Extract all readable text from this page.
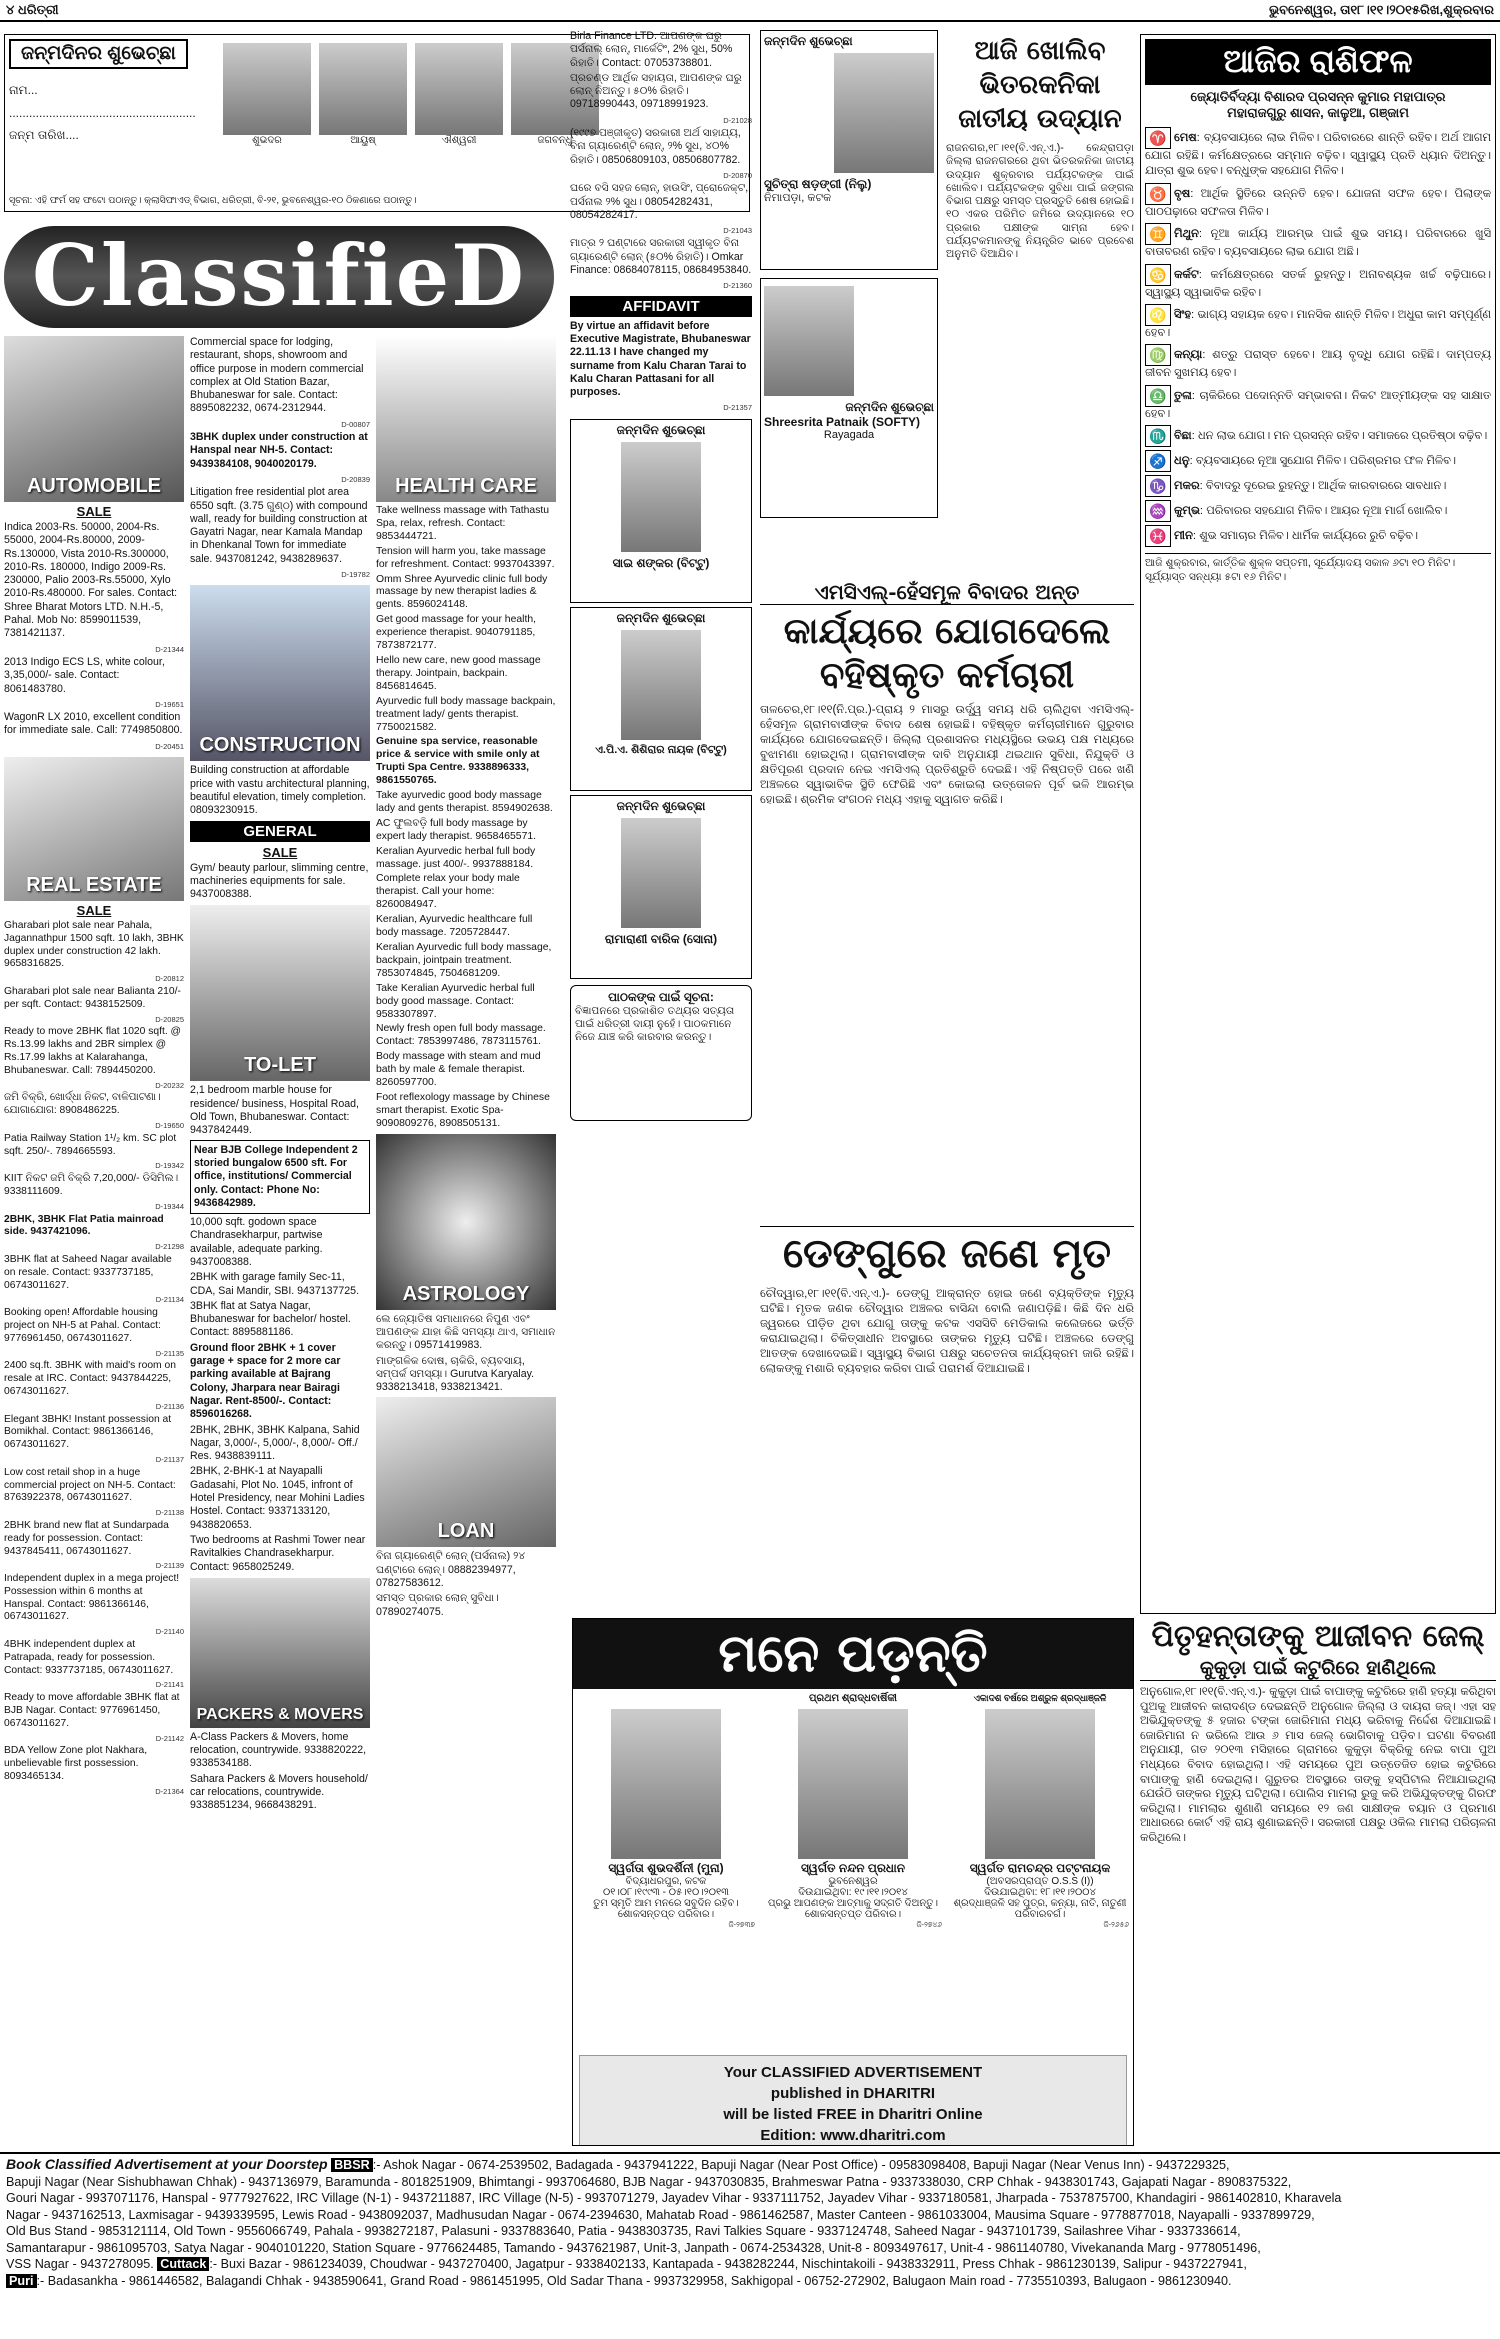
୪ ଧରିତ୍ରୀ	ଭୁବନେଶ୍ୱର, ତା୧୮।୧୧।୨୦୧୫ରିଖ,ଶୁକ୍ରବାର
ଜନ୍ମଦିନର ଶୁଭେଚ୍ଛା
ନାମ...
........................................................
ଜନ୍ମ ତାରିଖ....	ଶୁଭଦର	ଆୟୁଷ୍	ଐଶ୍ୱରୀ	ଜଗବନ୍ଧୁ
ସୂଚନା: ଏହି ଫର୍ମ ସହ ଫଟୋ ପଠାନ୍ତୁ। କ୍ଲାସିଫାଏଡ୍ ବିଭାଗ, ଧରିତ୍ରୀ, ବି-୨୧, ଭୁବନେଶ୍ୱର-୧୦ ଠିକଣାରେ ପଠାନ୍ତୁ।
ClassifieD
AUTOMOBILE
SALE

Indica 2003-Rs. 50000, 2004-Rs. 55000, 2004-Rs.80000, 2009-Rs.130000, Vista 2010-Rs.300000, 2010-Rs. 180000, Indigo 2009-Rs. 230000, Palio 2003-Rs.55000, Xylo 2010-Rs.480000. For sales. Contact: Shree Bharat Motors LTD. N.H.-5, Pahal. Mob No: 8599011539, 7381421137.

D-21344

2013 Indigo ECS LS, white colour, 3,35,000/- sale. Contact: 8061483780.

D-19651

WagonR LX 2010, excellent condition for immediate sale. Call: 7749850800.

D-20451
REAL ESTATE
SALE

Gharabari plot sale near Pahala, Jagannathpur 1500 sqft. 10 lakh, 3BHK duplex under construction 42 lakh. 9658316825.

D-20812

Gharabari plot sale near Balianta 210/- per sqft. Contact: 9438152509.

D-20825

Ready to move 2BHK flat 1020 sqft. @ Rs.13.99 lakhs and 2BR simplex @ Rs.17.99 lakhs at Kalarahanga, Bhubaneswar. Call: 7894450200.

D-20232

ଜମି ବିକ୍ରି, ଖୋର୍ଦ୍ଧା ନିକଟ, ବାଳିପାଟଣା। ଯୋଗାଯୋଗ: 8908486225.

D-19650

Patia Railway Station 1¹/₂ km. SC plot sqft. 250/-. 7894665593.

D-19342

KIIT ନିକଟ ଜମି ବିକ୍ରି 7,20,000/- ଡିସିମିଲ। 9338111609.

D-19344

2BHK, 3BHK Flat Patia mainroad side. 9437421096.

D-21298

3BHK flat at Saheed Nagar available on resale. Contact: 9337737185, 06743011627.

D-21134

Booking open! Affordable housing project on NH-5 at Pahal. Contact: 9776961450, 06743011627.

D-21135

2400 sq.ft. 3BHK with maid's room on resale at IRC. Contact: 9437844225, 06743011627.

D-21136

Elegant 3BHK! Instant possession at Bomikhal. Contact: 9861366146, 06743011627.

D-21137

Low cost retail shop in a huge commercial project on NH-5. Contact: 8763922378, 06743011627.

D-21138

2BHK brand new flat at Sundarpada ready for possession. Contact: 9437845411, 06743011627.

D-21139

Independent duplex in a mega project! Possession within 6 months at Hanspal. Contact: 9861366146, 06743011627.

D-21140

4BHK independent duplex at Patrapada, ready for possession. Contact: 9337737185, 06743011627.

D-21141

Ready to move affordable 3BHK flat at BJB Nagar. Contact: 9776961450, 06743011627.

D-21142

BDA Yellow Zone plot Nakhara, unbelievable first possession. 8093465134.

D-21364

Commercial space for lodging, restaurant, shops, showroom and office purpose in modern commercial complex at Old Station Bazar, Bhubaneswar for sale. Contact: 8895082232, 0674-2312944.

D-00807

3BHK duplex under construction at Hanspal near NH-5. Contact: 9439384108, 9040020179.

D-20839

Litigation free residential plot area 6550 sqft. (3.75 ଗୁଣ୍ଠ) with compound wall, ready for building construction at Gayatri Nagar, near Kamala Mandap in Dhenkanal Town for immediate sale. 9437081242, 9438289637.

D-19782
CONSTRUCTION

Building construction at affordable price with vastu architectural planning, beautiful elevation, timely completion. 08093230915.

GENERAL
SALE

Gym/ beauty parlour, slimming centre, machineries equipments for sale. 9437008388.

TO-LET

2,1 bedroom marble house for residence/ business, Hospital Road, Old Town, Bhubaneswar. Contact: 9437842449.

Near BJB College Independent 2 storied bungalow 6500 sft. For office, institutions/ Commercial only. Contact: Phone No: 9436842989.

10,000 sqft. godown space Chandrasekharpur, partwise available, adequate parking. 9437008388.

2BHK with garage family Sec-11, CDA, Sai Mandir, SBI. 9437137725.

3BHK flat at Satya Nagar, Bhubaneswar for bachelor/ hostel. Contact: 8895881186.

Ground floor 2BHK + 1 cover garage + space for 2 more car parking available at Bajrang Colony, Jharpara near Bairagi Nagar. Rent-8500/-. Contact: 8596016268.

2BHK, 2BHK, 3BHK Kalpana, Sahid Nagar, 3,000/-, 5,000/-, 8,000/- Off./ Res. 9438839111.

2BHK, 2-BHK-1 at Nayapalli Gadasahi, Plot No. 1045, infront of Hotel Presidency, near Mohini Ladies Hostel. Contact: 9337133120, 9438820653.

Two bedrooms at Rashmi Tower near Ravitalkies Chandrasekharpur. Contact: 9658025249.

PACKERS & MOVERS

A-Class Packers & Movers, home relocation, countrywide. 9338820222, 9338534188.

Sahara Packers & Movers household/ car relocations, countrywide. 9338851234, 9668438291.

HEALTH CARE

Take wellness massage with Tathastu Spa, relax, refresh. Contact: 9853444721.

Tension will harm you, take massage for refreshment. Contact: 9937043397.

Omm Shree Ayurvedic clinic full body massage by new therapist ladies & gents. 8596024148.

Get good massage for your health, experience therapist. 9040791185, 7873872177.

Hello new care, new good massage therapy. Jointpain, backpain. 8456814645.

Ayurvedic full body massage backpain, treatment lady/ gents therapist. 7750021582.

Genuine spa service, reasonable price & service with smile only at Trupti Spa Centre. 9338896333, 9861550765.

Take ayurvedic good body massage lady and gents therapist. 8594902638.

AC ଫୁଲବଡ଼ି full body massage by expert lady therapist. 9658465571.

Keralian Ayurvedic herbal full body massage. just 400/-. 9937888184.

Complete relax your body male therapist. Call your home: 8260084947.

Keralian, Ayurvedic healthcare full body massage. 7205728447.

Keralian Ayurvedic full body massage, backpain, jointpain treatment. 7853074845, 7504681209.

Take Keralian Ayurvedic herbal full body good massage. Contact: 9583307897.

Newly fresh open full body massage. Contact: 7853997486, 7873115761.

Body massage with steam and mud bath by male & female therapist. 8260597700.

Foot reflexology massage by Chinese smart therapist. Exotic Spa- 9090809276, 8908505131.

ASTROLOGY

ଲେ ଜ୍ୟୋତିଷ ସମାଧାନରେ ନିପୁଣ ଏବଂ ଆପଣଙ୍କ ଯାହା କିଛି ସମସ୍ୟା ଥାଏ, ସମାଧାନ କରନ୍ତୁ। 09571419983.

ମାଙ୍ଗଳିକ ଦୋଷ, ଚାକିରି, ବ୍ୟବସାୟ, ସମ୍ପର୍କ ସମସ୍ୟା। Gurutva Karyalay. 9338213418, 9338213421.

LOAN

ବିନା ଗ୍ୟାରେଣ୍ଟି ଲୋନ୍ (ପର୍ସନାଲ) ୨୪ ଘଣ୍ଟାରେ ଲୋନ୍। 08882394977, 07827583612.

ସମସ୍ତ ପ୍ରକାର ଲୋନ୍ ସୁବିଧା। 07890274075.

Birla Finance LTD. ଆପଣଙ୍କ ଘରୁ ପର୍ସନାଲ୍ ଲୋନ୍, ମାର୍କେଟିଂ, 2% ସୁଧ, 50% ରିହାତି। Contact: 07053738801.

ପ୍ରଚଣ୍ଡ ଆର୍ଥିକ ସହାୟତା, ଆପଣଙ୍କ ଘରୁ ଲୋନ୍ ନିଅନ୍ତୁ। ୫୦% ରିହାତି। 09718990443, 09718991923.

D-21028

(୧୯୯୭ ପଞ୍ଜୀକୃତ) ସରକାରୀ ଅର୍ଥ ସାହାଯ୍ୟ, ବିନା ଗ୍ୟାରେଣ୍ଟି ଲୋନ୍, ୨% ସୁଧ, ୪୦% ରିହାତି। 08506809103, 08506807782.

D-20870

ଘରେ ବସି ସହଜ ଲୋନ୍, ହାଉସିଂ, ପ୍ରୋଜେକ୍ଟ, ପର୍ସନାଲ ୨% ସୁଧ। 08054282431, 08054282417.

D-21043

ମାତ୍ର ୨ ଘଣ୍ଟାରେ ସରକାରୀ ସ୍ୱୀକୃତ ବିନା ଗ୍ୟାରେଣ୍ଟି ଲୋନ୍ (୫୦% ରିହାତି)। Omkar Finance: 08684078115, 08684953840.

D-21360
AFFIDAVIT

By virtue an affidavit before Executive Magistrate, Bhubaneswar 22.11.13 I have changed my surname from Kalu Charan Tarai to Kalu Charan Pattasani for all purposes.

D-21357
ଜନ୍ମଦିନ ଶୁଭେଚ୍ଛା
ସାଇ ଶଙ୍କର (ବିଟ୍ଟୁ)
ଜନ୍ମଦିନ ଶୁଭେଚ୍ଛା
ଏ.ପି.ଏ. ଶିଶିରାର ନାୟକ (ବିଟ୍ଟୁ)
ଜନ୍ମଦିନ ଶୁଭେଚ୍ଛା
ରାମାରାଣୀ ବାରିକ (ସୋନା)
ପାଠକଙ୍କ ପାଇଁ ସୂଚନା:
ବିଜ୍ଞାପନରେ ପ୍ରକାଶିତ ତଥ୍ୟର ସତ୍ୟତା ପାଇଁ ଧରିତ୍ରୀ ଦାୟୀ ନୁହେଁ। ପାଠକମାନେ ନିଜେ ଯାଞ୍ଚ କରି କାରବାର କରନ୍ତୁ।
ଜନ୍ମଦିନ ଶୁଭେଚ୍ଛା
ସୁଚିତ୍ରା ଷଡ଼ଙ୍ଗୀ (ନିଲୁ)
ନିମାପଡ଼ା, କଟକ
ଜନ୍ମଦିନ ଶୁଭେଚ୍ଛା
Shreesrita Patnaik (SOFTY)
Rayagada
ଆଜି ଖୋଲିବ ଭିତରକନିକା ଜାତୀୟ ଉଦ୍ୟାନ
ରାଜନଗର,୧୮।୧୧(ବି.ଏନ୍.ଏ.)- କେନ୍ଦ୍ରାପଡ଼ା ଜିଲ୍ଲା ରାଜନଗରରେ ଥିବା ଭିତରକନିକା ଜାତୀୟ ଉଦ୍ୟାନ ଶୁକ୍ରବାର ପର୍ଯ୍ୟଟକଙ୍କ ପାଇଁ ଖୋଲିବ। ପର୍ଯ୍ୟଟକଙ୍କ ସୁବିଧା ପାଇଁ ଜଙ୍ଗଲ ବିଭାଗ ପକ୍ଷରୁ ସମସ୍ତ ପ୍ରସ୍ତୁତି ଶେଷ ହୋଇଛି। ୧୦ ଏକର ପରିମିତ ଜମିରେ ଉଦ୍ୟାନରେ ୧୦ ପ୍ରକାର ପକ୍ଷୀଙ୍କ ସାମ୍ନା ହେବ। ପର୍ଯ୍ୟଟକମାନଙ୍କୁ ନିୟନ୍ତ୍ରିତ ଭାବେ ପ୍ରବେଶ ଅନୁମତି ଦିଆଯିବ।
ଏମସିଏଲ୍-ହେଁସମୂଳ ବିବାଦର ଅନ୍ତ
କାର୍ଯ୍ୟରେ ଯୋଗଦେଲେ ବହିଷ୍କୃତ କର୍ମଚାରୀ
ତାଳଚେର,୧୮।୧୧(ନି.ପ୍ର.)-ପ୍ରାୟ ୨ ମାସରୁ ଉର୍ଦ୍ଧ୍ୱ ସମୟ ଧରି ଚାଲିଥିବା ଏମସିଏଲ୍-ହେଁସମୂଳ ଗ୍ରାମବାସୀଙ୍କ ବିବାଦ ଶେଷ ହୋଇଛି। ବହିଷ୍କୃତ କର୍ମଚାରୀମାନେ ଗୁରୁବାର କାର୍ଯ୍ୟରେ ଯୋଗଦେଇଛନ୍ତି। ଜିଲ୍ଲା ପ୍ରଶାସନର ମଧ୍ୟସ୍ଥିରେ ଉଭୟ ପକ୍ଷ ମଧ୍ୟରେ ବୁଝାମଣା ହୋଇଥିଲା। ଗ୍ରାମବାସୀଙ୍କ ଦାବି ଅନୁଯାୟୀ ଥଇଥାନ ସୁବିଧା, ନିଯୁକ୍ତି ଓ କ୍ଷତିପୂରଣ ପ୍ରଦାନ ନେଇ ଏମସିଏଲ୍ ପ୍ରତିଶ୍ରୁତି ଦେଇଛି। ଏହି ନିଷ୍ପତ୍ତି ପରେ ଖଣି ଅଞ୍ଚଳରେ ସ୍ୱାଭାବିକ ସ୍ଥିତି ଫେରିଛି ଏବଂ କୋଇଲା ଉତ୍ତୋଳନ ପୂର୍ବ ଭଳି ଆରମ୍ଭ ହୋଇଛି। ଶ୍ରମିକ ସଂଗଠନ ମଧ୍ୟ ଏହାକୁ ସ୍ୱାଗତ କରିଛି।
ଡେଙ୍ଗୁରେ ଜଣେ ମୃତ
ଚୌଦ୍ୱାର,୧୮।୧୧(ବି.ଏନ୍.ଏ.)- ଡେଙ୍ଗୁ ଆକ୍ରାନ୍ତ ହୋଇ ଜଣେ ବ୍ୟକ୍ତିଙ୍କ ମୃତ୍ୟୁ ଘଟିଛି। ମୃତକ ଜଣକ ଚୌଦ୍ୱାର ଅଞ୍ଚଳର ବାସିନ୍ଦା ବୋଲି ଜଣାପଡ଼ିଛି। କିଛି ଦିନ ଧରି ଜ୍ୱରରେ ପୀଡ଼ିତ ଥିବା ଯୋଗୁ ତାଙ୍କୁ କଟକ ଏସସିବି ମେଡିକାଲ କଲେଜରେ ଭର୍ତ୍ତି କରାଯାଇଥିଲା। ଚିକିତ୍ସାଧୀନ ଅବସ୍ଥାରେ ତାଙ୍କର ମୃତ୍ୟୁ ଘଟିଛି। ଅଞ୍ଚଳରେ ଡେଙ୍ଗୁ ଆତଙ୍କ ଦେଖାଦେଇଛି। ସ୍ୱାସ୍ଥ୍ୟ ବିଭାଗ ପକ୍ଷରୁ ସଚେତନତା କାର୍ଯ୍ୟକ୍ରମ ଜାରି ରହିଛି। ଲୋକଙ୍କୁ ମଶାରି ବ୍ୟବହାର କରିବା ପାଇଁ ପରାମର୍ଶ ଦିଆଯାଇଛି।
ଆଜିର ରାଶିଫଳ
ଜ୍ୟୋତିର୍ବିଦ୍ୟା ବିଶାରଦ ପ୍ରସନ୍ନ କୁମାର ମହାପାତ୍ର
ମହାରାଜଗୁରୁ ଶାସନ, କାଳୁଆ, ଗଞ୍ଜାମ

♈ ମେଷ: ବ୍ୟବସାୟରେ ଲାଭ ମିଳିବ। ପରିବାରରେ ଶାନ୍ତି ରହିବ। ଅର୍ଥ ଆଗମ ଯୋଗ ରହିଛି। କର୍ମକ୍ଷେତ୍ରରେ ସମ୍ମାନ ବଢ଼ିବ। ସ୍ୱାସ୍ଥ୍ୟ ପ୍ରତି ଧ୍ୟାନ ଦିଅନ୍ତୁ। ଯାତ୍ରା ଶୁଭ ହେବ। ବନ୍ଧୁଙ୍କ ସହଯୋଗ ମିଳିବ।

♉ ବୃଷ: ଆର୍ଥିକ ସ୍ଥିତିରେ ଉନ୍ନତି ହେବ। ଯୋଜନା ସଫଳ ହେବ। ପିଲାଙ୍କ ପାଠପଢ଼ାରେ ସଫଳତା ମିଳିବ।

♊ ମିଥୁନ: ନୂଆ କାର୍ଯ୍ୟ ଆରମ୍ଭ ପାଇଁ ଶୁଭ ସମୟ। ପରିବାରରେ ଖୁସି ବାତାବରଣ ରହିବ। ବ୍ୟବସାୟରେ ଲାଭ ଯୋଗ ଅଛି।

♋ କର୍କଟ: କର୍ମକ୍ଷେତ୍ରରେ ସତର୍କ ରୁହନ୍ତୁ। ଅନାବଶ୍ୟକ ଖର୍ଚ୍ଚ ବଢ଼ିପାରେ। ସ୍ୱାସ୍ଥ୍ୟ ସ୍ୱାଭାବିକ ରହିବ।

♌ ସିଂହ: ଭାଗ୍ୟ ସହାୟକ ହେବ। ମାନସିକ ଶାନ୍ତି ମିଳିବ। ଅଧୁରା କାମ ସମ୍ପୂର୍ଣ୍ଣ ହେବ।

♍ କନ୍ୟା: ଶତ୍ରୁ ପରାସ୍ତ ହେବେ। ଆୟ ବୃଦ୍ଧି ଯୋଗ ରହିଛି। ଦାମ୍ପତ୍ୟ ଜୀବନ ସୁଖମୟ ହେବ।

♎ ତୁଳା: ଚାକିରିରେ ପଦୋନ୍ନତି ସମ୍ଭାବନା। ନିକଟ ଆତ୍ମୀୟଙ୍କ ସହ ସାକ୍ଷାତ ହେବ।

♏ ବିଛା: ଧନ ଲାଭ ଯୋଗ। ମନ ପ୍ରସନ୍ନ ରହିବ। ସମାଜରେ ପ୍ରତିଷ୍ଠା ବଢ଼ିବ।

♐ ଧନୁ: ବ୍ୟବସାୟରେ ନୂଆ ସୁଯୋଗ ମିଳିବ। ପରିଶ୍ରମର ଫଳ ମିଳିବ।

♑ ମକର: ବିବାଦରୁ ଦୂରେଇ ରୁହନ୍ତୁ। ଆର୍ଥିକ କାରବାରରେ ସାବଧାନ।

♒ କୁମ୍ଭ: ପରିବାରର ସହଯୋଗ ମିଳିବ। ଆୟର ନୂଆ ମାର୍ଗ ଖୋଲିବ।

♓ ମୀନ: ଶୁଭ ସମାଚାର ମିଳିବ। ଧାର୍ମିକ କାର୍ଯ୍ୟରେ ରୁଚି ବଢ଼ିବ।

ଆଜି ଶୁକ୍ରବାର, କାର୍ତ୍ତିକ ଶୁକ୍ଳ ସପ୍ତମୀ, ସୂର୍ଯ୍ୟୋଦୟ ସକାଳ ୬ଟା ୧୦ ମିନିଟ। ସୂର୍ଯ୍ୟାସ୍ତ ସନ୍ଧ୍ୟା ୫ଟା ୧୬ ମିନିଟ।
ମନେ ପଡ଼ନ୍ତି
ସ୍ୱର୍ଗତା ଶୁଭଦର୍ଶିନୀ (ମୁନା)
ବିଦ୍ୟାଧରପୁର, କଟକ
୦୧।୦୮।୧୯୯୩ - ୦୫।୧୦।୨୦୧୩
ତୁମ ସ୍ମୃତି ଆମ ମନରେ ସବୁଦିନ ରହିବ। ଶୋକସନ୍ତପ୍ତ ପରିବାର।
ଜି-୨୭୩୭
ପ୍ରଥମ ଶ୍ରାଦ୍ଧବାର୍ଷିକୀ
ସ୍ୱର୍ଗତ ନନ୍ଦନ ପ୍ରଧାନ
ଭୁବନେଶ୍ୱର
ଦିଉଯାଇଥିବା: ୧୯।୧୧।୨୦୧୪
ପ୍ରଭୁ ଆପଣଙ୍କ ଆତ୍ମାକୁ ସଦ୍ଗତି ଦିଅନ୍ତୁ। ଶୋକସନ୍ତପ୍ତ ପରିବାର।
ଜି-୨୭୪୬
ଏକାଦଶ ବର୍ଷରେ ଅଶ୍ରୁଳ ଶ୍ରଦ୍ଧାଞ୍ଜଳି
ସ୍ୱର୍ଗତ ରାମଚନ୍ଦ୍ର ପଟ୍ଟନାୟକ
(ଅବସରପ୍ରାପ୍ତ O.S.S (I))
ଦିଉଯାଇଥିବା: ୧୮।୧୧।୨୦୦୪
ଶ୍ରଦ୍ଧାଞ୍ଜଳି ସହ ପୁତ୍ର, କନ୍ୟା, ନାତି, ନାତୁଣୀ ପରିବାରବର୍ଗ।
ଜି-୨୬୫୬
Your CLASSIFIED ADVERTISEMENT
published in DHARITRI
will be listed FREE in Dharitri Online
Edition: www.dharitri.com
ପିତୃହନ୍ତାଙ୍କୁ ଆଜୀବନ ଜେଲ୍
କୁକୁଡ଼ା ପାଇଁ କଟୁରିରେ ହାଣିଥିଲେ
ଅନୁଗୋଳ,୧୮।୧୧(ବି.ଏନ୍.ଏ.)- କୁକୁଡ଼ା ପାଇଁ ବାପାଙ୍କୁ କଟୁରିରେ ହାଣି ହତ୍ୟା କରିଥିବା ପୁଅକୁ ଆଜୀବନ କାରାଦଣ୍ଡ ଦେଇଛନ୍ତି ଅନୁଗୋଳ ଜିଲ୍ଲା ଓ ଦାୟରା ଜଜ୍। ଏହା ସହ ଅଭିଯୁକ୍ତଙ୍କୁ ୫ ହଜାର ଟଙ୍କା ଜୋରିମାନା ମଧ୍ୟ ଭରିବାକୁ ନିର୍ଦ୍ଦେଶ ଦିଆଯାଇଛି। ଜୋରିମାନା ନ ଭରିଲେ ଆଉ ୬ ମାସ ଜେଲ୍ ଭୋଗିବାକୁ ପଡ଼ିବ। ଘଟଣା ବିବରଣୀ ଅନୁଯାୟୀ, ଗତ ୨୦୧୩ ମସିହାରେ ଗ୍ରାମରେ କୁକୁଡ଼ା ବିକ୍ରିକୁ ନେଇ ବାପା ପୁଅ ମଧ୍ୟରେ ବିବାଦ ହୋଇଥିଲା। ଏହି ସମୟରେ ପୁଅ ଉତ୍ତେଜିତ ହୋଇ କଟୁରିରେ ବାପାଙ୍କୁ ହାଣି ଦେଇଥିଲା। ଗୁରୁତର ଅବସ୍ଥାରେ ତାଙ୍କୁ ହସ୍ପିଟାଲ ନିଆଯାଇଥିଲା ଯେଉଁଠି ତାଙ୍କର ମୃତ୍ୟୁ ଘଟିଥିଲା। ପୋଲିସ ମାମଲା ରୁଜୁ କରି ଅଭିଯୁକ୍ତଙ୍କୁ ଗିରଫ କରିଥିଲା। ମାମଲାର ଶୁଣାଣି ସମୟରେ ୧୨ ଜଣ ସାକ୍ଷୀଙ୍କ ବୟାନ ଓ ପ୍ରମାଣ ଆଧାରରେ କୋର୍ଟ ଏହି ରାୟ ଶୁଣାଇଛନ୍ତି। ସରକାରୀ ପକ୍ଷରୁ ଓକିଲ ମାମଲା ପରିଚାଳନା କରିଥିଲେ।
Book Classified Advertisement at your Doorstep BBSR :- Ashok Nagar - 0674-2539502, Badagada - 9437941222, Bapuji Nagar (Near Post Office) - 09583098408, Bapuji Nagar (Near Venus Inn) - 9437229325,
Bapuji Nagar (Near Sishubhawan Chhak) - 9437136979, Baramunda - 8018251909, Bhimtangi - 9937064680, BJB Nagar - 9437030835, Brahmeswar Patna - 9337338030, CRP Chhak - 9438301743, Gajapati Nagar - 8908375322,
Gouri Nagar - 9937071176, Hanspal - 9777927622, IRC Village (N-1) - 9437211887, IRC Village (N-5) - 9937071279, Jayadev Vihar - 9337111752, Jayadev Vihar - 9337180581, Jharpada - 7537875700, Khandagiri - 9861402810, Kharavela
Nagar - 9437162513, Laxmisagar - 9439339595, Lewis Road - 9438092037, Madhusudan Nagar - 0674-2394630, Mahatab Road - 9861462587, Master Canteen - 9861033004, Mausima Square - 9778877018, Nayapalli - 9337899729,
Old Bus Stand - 9853121114, Old Town - 9556066749, Pahala - 9938272187, Palasuni - 9337883640, Patia - 9438303735, Ravi Talkies Square - 9337124748, Saheed Nagar - 9437101739, Sailashree Vihar - 9337336614,
Samantarapur - 9861095703, Satya Nagar - 9040101220, Station Square - 9776624485, Tamando - 9437621987, Unit-3, Janpath - 0674-2534328, Unit-8 - 8093497617, Unit-4 - 9861140780, Vivekananda Marg - 9778051496,
VSS Nagar - 9437278095. Cuttack :- Buxi Bazar - 9861234039, Choudwar - 9437270400, Jagatpur - 9338402133, Kantapada - 9438282244, Nischintakoili - 9438332911, Press Chhak - 9861230139, Salipur - 9437227941,
Puri :- Badasankha - 9861446582, Balagandi Chhak - 9438590641, Grand Road - 9861451995, Old Sadar Thana - 9937329958, Sakhigopal - 06752-272902, Balugaon Main road - 7735510393, Balugaon - 9861230940.
